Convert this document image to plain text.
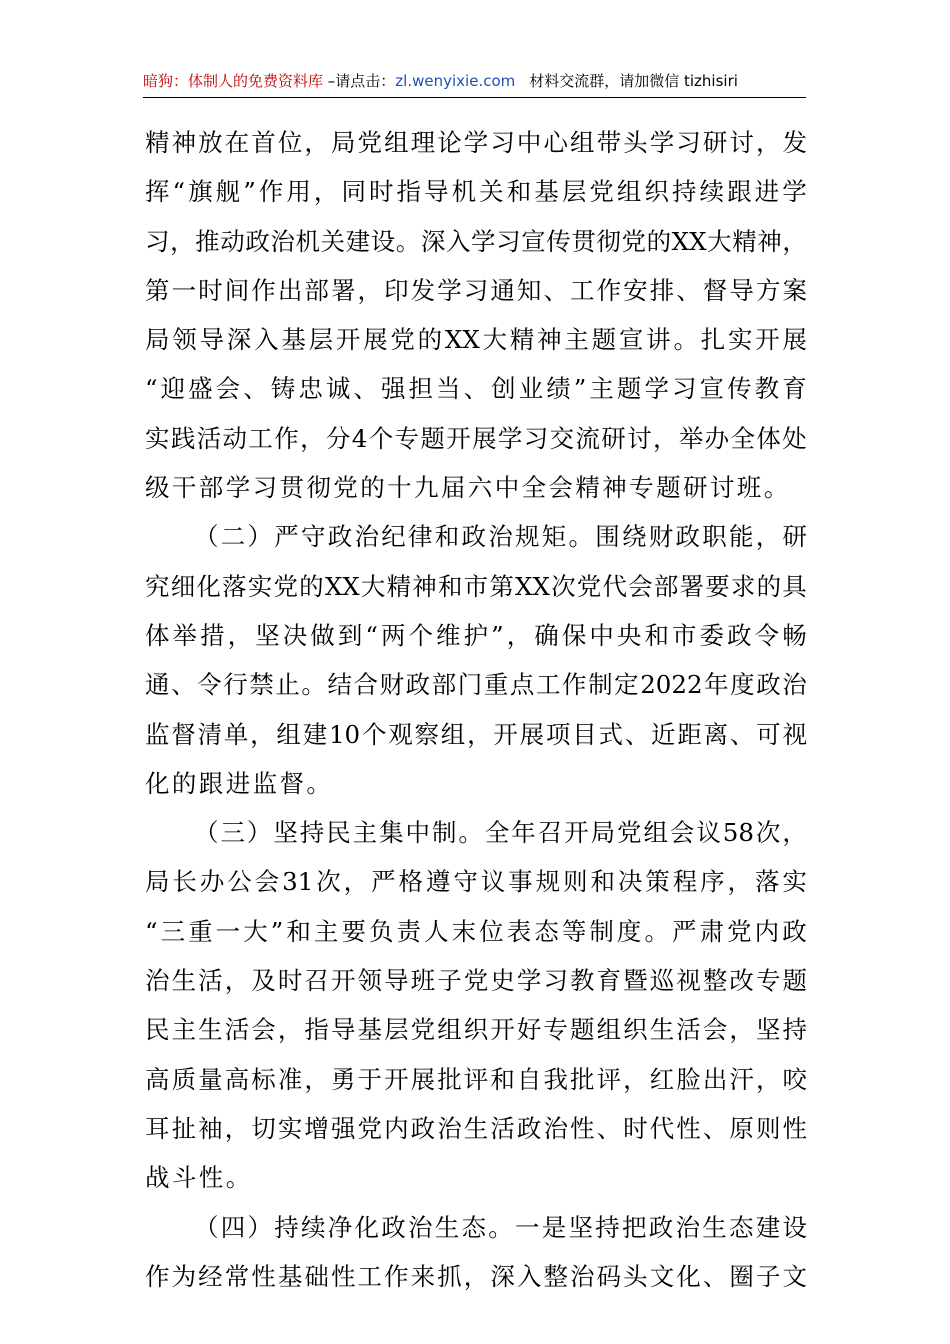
暗狗：体制人的免费资料库 –请点击：zl.wenyixie.com 材料交流群，请加微信 tizhisiri
精 神 放 在 首 位 ， 局 党 组 理 论 学 习 中 心 组 带 头 学 习 研 讨 ， 发
挥 “ 旗 舰 ” 作 用 ， 同 时 指 导 机 关 和 基 层 党 组 织 持 续 跟 进 学
习 ， 推 动 政 治 机 关 建 设 。 深 入 学 习 宣 传 贯 彻 党 的 XX 大 精 神 ，
第 一 时 间 作 出 部 署 ， 印 发 学 习 通 知 、 工 作 安 排 、 督 导 方 案
局 领 导 深 入 基 层 开 展 党 的 XX 大 精 神 主 题 宣 讲 。 扎 实 开 展
“ 迎 盛 会 、 铸 忠 诚 、 强 担 当 、 创 业 绩 ” 主 题 学 习 宣 传 教 育
实 践 活 动 工 作 ， 分 4 个 专 题 开 展 学 习 交 流 研 讨 ， 举 办 全 体 处
级干部学习贯彻党的十九届六中全会精神专题研讨班。
（ 二 ） 严 守 政 治 纪 律 和 政 治 规 矩 。 围 绕 财 政 职 能 ， 研
究 细 化 落 实 党 的 XX 大 精 神 和 市 第 XX 次 党 代 会 部 署 要 求 的 具
体 举 措 ， 坚 决 做 到 “ 两 个 维 护 ” ， 确 保 中 央 和 市 委 政 令 畅
通 、 令 行 禁 止 。 结 合 财 政 部 门 重 点 工 作 制 定 2022 年 度 政 治
监 督 清 单 ， 组 建 10 个 观 察 组 ， 开 展 项 目 式 、 近 距 离 、 可 视
化的跟进监督。
（ 三 ） 坚 持 民 主 集 中 制 。 全 年 召 开 局 党 组 会 议 58 次 ，
局 长 办 公 会 31 次 ， 严 格 遵 守 议 事 规 则 和 决 策 程 序 ， 落 实
“ 三 重 一 大 ” 和 主 要 负 责 人 末 位 表 态 等 制 度 。 严 肃 党 内 政
治 生 活 ， 及 时 召 开 领 导 班 子 党 史 学 习 教 育 暨 巡 视 整 改 专 题
民 主 生 活 会 ， 指 导 基 层 党 组 织 开 好 专 题 组 织 生 活 会 ， 坚 持
高 质 量 高 标 准 ， 勇 于 开 展 批 评 和 自 我 批 评 ， 红 脸 出 汗 ， 咬
耳 扯 袖 ， 切 实 增 强 党 内 政 治 生 活 政 治 性 、 时 代 性 、 原 则 性
战斗性。
（ 四 ） 持 续 净 化 政 治 生 态 。 一 是 坚 持 把 政 治 生 态 建 设
作 为 经 常 性 基 础 性 工 作 来 抓 ， 深 入 整 治 码 头 文 化 、 圈 子 文
